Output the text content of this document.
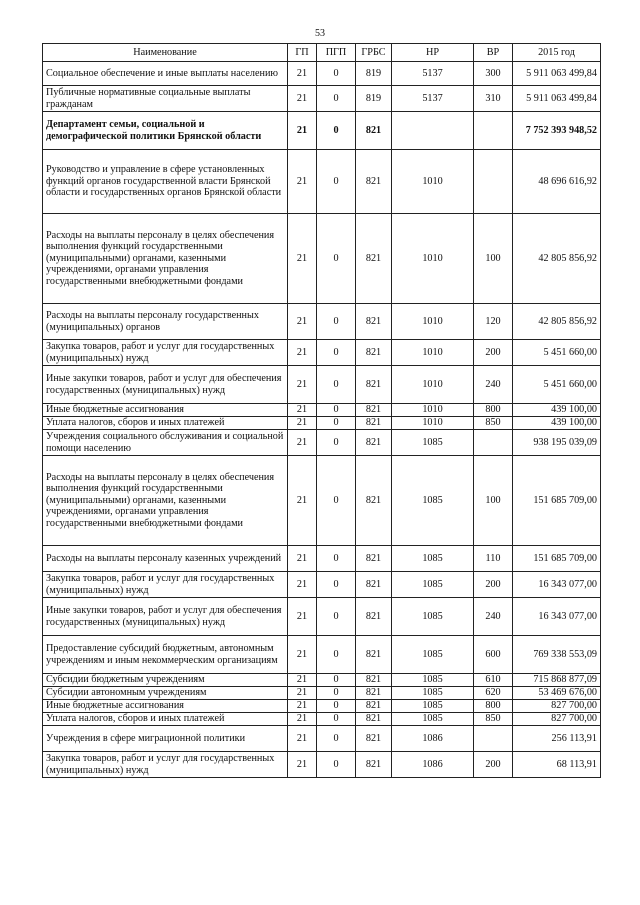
53
Наименование	ГП	ПГП	ГРБС	НР	ВР	2015 год
Социальное обеспечение и иные выплаты населению	21	0	819	5137	300	5 911 063 499,84
Публичные нормативные социальные выплаты гражданам	21	0	819	5137	310	5 911 063 499,84
Департамент семьи, социальной и демографической политики Брянской области	21	0	821			7 752 393 948,52
Руководство и управление в сфере установленных функций органов государственной власти Брянской области и государственных органов Брянской области	21	0	821	1010		48 696 616,92
Расходы на выплаты персоналу в целях обеспечения выполнения функций государственными (муниципальными) органами, казенными учреждениями, органами управления государственными внебюджетными фондами	21	0	821	1010	100	42 805 856,92
Расходы на выплаты персоналу государственных (муниципальных) органов	21	0	821	1010	120	42 805 856,92
Закупка товаров, работ и услуг для государственных (муниципальных) нужд	21	0	821	1010	200	5 451 660,00
Иные закупки товаров, работ и услуг для обеспечения государственных (муниципальных) нужд	21	0	821	1010	240	5 451 660,00
Иные бюджетные ассигнования	21	0	821	1010	800	439 100,00
Уплата налогов, сборов и иных платежей	21	0	821	1010	850	439 100,00
Учреждения социального обслуживания и социальной помощи населению	21	0	821	1085		938 195 039,09
Расходы на выплаты персоналу в целях обеспечения выполнения функций государственными (муниципальными) органами, казенными учреждениями, органами управления государственными внебюджетными фондами	21	0	821	1085	100	151 685 709,00
Расходы на выплаты персоналу казенных учреждений	21	0	821	1085	110	151 685 709,00
Закупка товаров, работ и услуг для государственных (муниципальных) нужд	21	0	821	1085	200	16 343 077,00
Иные закупки товаров, работ и услуг для обеспечения государственных (муниципальных) нужд	21	0	821	1085	240	16 343 077,00
Предоставление субсидий бюджетным, автономным учреждениям и иным некоммерческим организациям	21	0	821	1085	600	769 338 553,09
Субсидии бюджетным учреждениям	21	0	821	1085	610	715 868 877,09
Субсидии автономным учреждениям	21	0	821	1085	620	53 469 676,00
Иные бюджетные ассигнования	21	0	821	1085	800	827 700,00
Уплата налогов, сборов и иных платежей	21	0	821	1085	850	827 700,00
Учреждения в сфере миграционной политики	21	0	821	1086		256 113,91
Закупка товаров, работ и услуг для государственных (муниципальных) нужд	21	0	821	1086	200	68 113,91
